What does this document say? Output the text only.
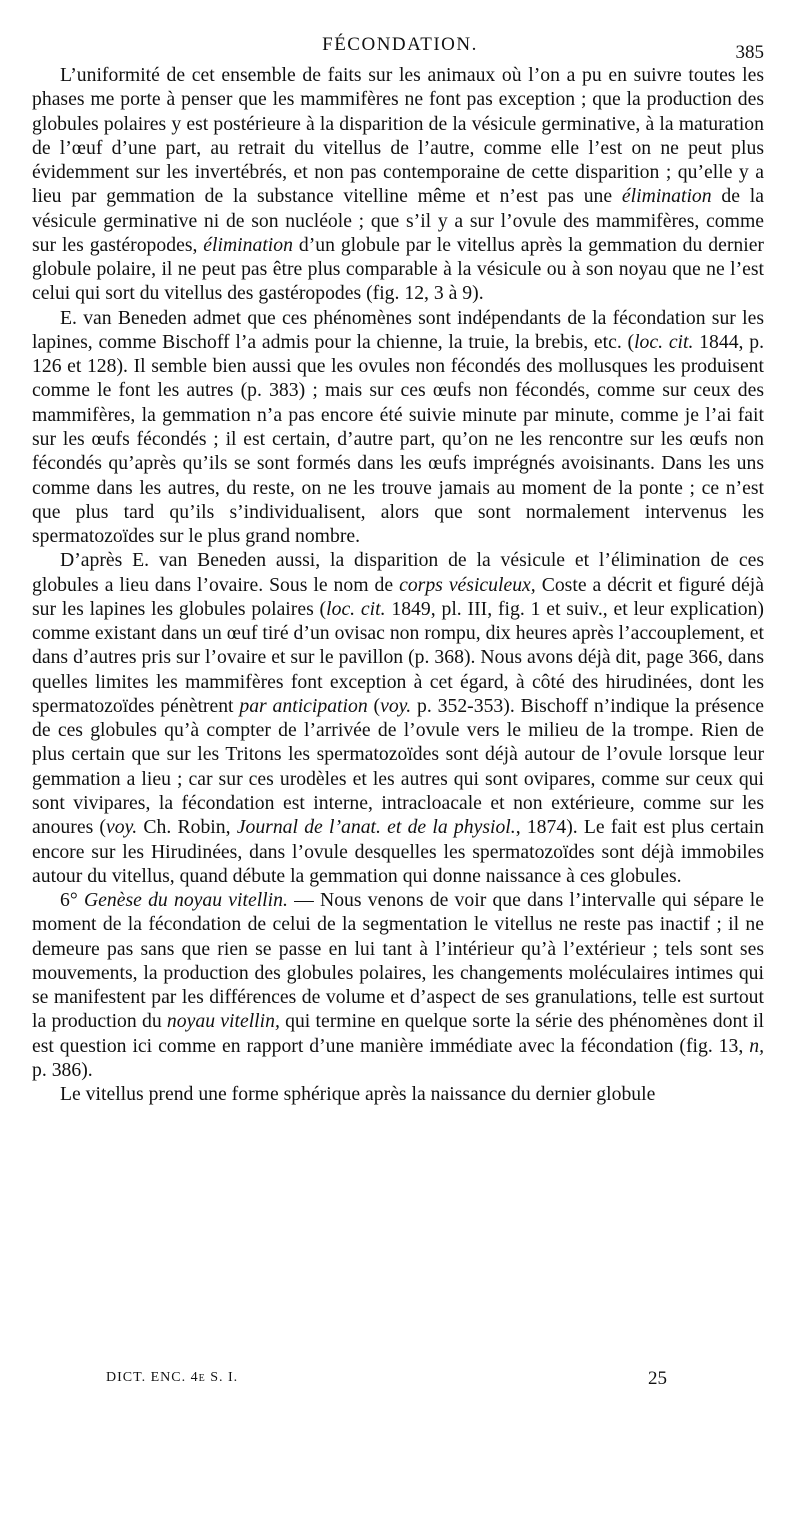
FÉCONDATION.	385

L’uniformité de cet ensemble de faits sur les animaux où l’on a pu en suivre toutes les phases me porte à penser que les mammifères ne font pas exception ; que la production des globules polaires y est postérieure à la disparition de la vésicule germinative, à la maturation de l’œuf d’une part, au retrait du vitellus de l’autre, comme elle l’est on ne peut plus évidemment sur les invertébrés, et non pas contemporaine de cette disparition ; qu’elle y a lieu par gemmation de la substance vitelline même et n’est pas une élimination de la vésicule germinative ni de son nucléole ; que s’il y a sur l’ovule des mammifères, comme sur les gastéropodes, élimination d’un globule par le vitellus après la gemmation du dernier globule polaire, il ne peut pas être plus comparable à la vésicule ou à son noyau que ne l’est celui qui sort du vitellus des gastéropodes (fig. 12, 3 à 9).

E. van Beneden admet que ces phénomènes sont indépendants de la fécondation sur les lapines, comme Bischoff l’a admis pour la chienne, la truie, la brebis, etc. (loc. cit. 1844, p. 126 et 128). Il semble bien aussi que les ovules non fécondés des mollusques les produisent comme le font les autres (p. 383) ; mais sur ces œufs non fécondés, comme sur ceux des mammifères, la gemmation n’a pas encore été suivie minute par minute, comme je l’ai fait sur les œufs fécondés ; il est certain, d’autre part, qu’on ne les rencontre sur les œufs non fécondés qu’après qu’ils se sont formés dans les œufs imprégnés avoisinants. Dans les uns comme dans les autres, du reste, on ne les trouve jamais au moment de la ponte ; ce n’est que plus tard qu’ils s’individualisent, alors que sont normalement intervenus les spermatozoïdes sur le plus grand nombre.

D’après E. van Beneden aussi, la disparition de la vésicule et l’élimination de ces globules a lieu dans l’ovaire. Sous le nom de corps vésiculeux, Coste a décrit et figuré déjà sur les lapines les globules polaires (loc. cit. 1849, pl. III, fig. 1 et suiv., et leur explication) comme existant dans un œuf tiré d’un ovisac non rompu, dix heures après l’accouplement, et dans d’autres pris sur l’ovaire et sur le pavillon (p. 368). Nous avons déjà dit, page 366, dans quelles limites les mammifères font exception à cet égard, à côté des hirudinées, dont les spermatozoïdes pénètrent par anticipation (voy. p. 352-353). Bischoff n’indique la présence de ces globules qu’à compter de l’arrivée de l’ovule vers le milieu de la trompe. Rien de plus certain que sur les Tritons les spermatozoïdes sont déjà autour de l’ovule lorsque leur gemmation a lieu ; car sur ces urodèles et les autres qui sont ovipares, comme sur ceux qui sont vivipares, la fécondation est interne, intracloacale et non extérieure, comme sur les anoures (voy. Ch. Robin, Journal de l’anat. et de la physiol., 1874). Le fait est plus certain encore sur les Hirudinées, dans l’ovule desquelles les spermatozoïdes sont déjà immobiles autour du vitellus, quand débute la gemmation qui donne naissance à ces globules.

6° Genèse du noyau vitellin. — Nous venons de voir que dans l’intervalle qui sépare le moment de la fécondation de celui de la segmentation le vitellus ne reste pas inactif ; il ne demeure pas sans que rien se passe en lui tant à l’intérieur qu’à l’extérieur ; tels sont ses mouvements, la production des globules polaires, les changements moléculaires intimes qui se manifestent par les différences de volume et d’aspect de ses granulations, telle est surtout la production du noyau vitellin, qui termine en quelque sorte la série des phénomènes dont il est question ici comme en rapport d’une manière immédiate avec la fécondation (fig. 13, n, p. 386).

Le vitellus prend une forme sphérique après la naissance du dernier globule

DICT. ENC. 4e S. I.	25
